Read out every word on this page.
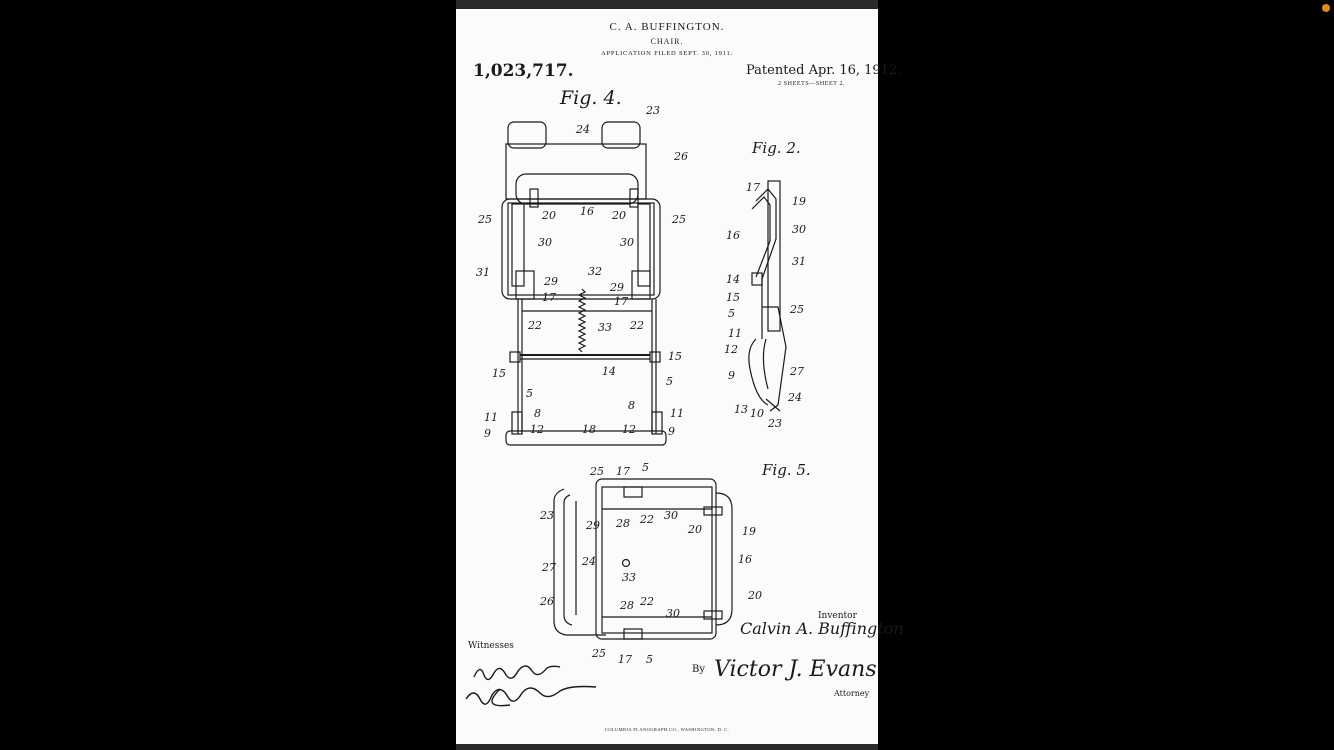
C. A. BUFFINGTON.
CHAIR.
APPLICATION FILED SEPT. 30, 1911.
1,023,717.	Patented Apr. 16, 1912.
2 SHEETS—SHEET 2.
23
24
26
25	20 16 20	25
30	30
31	32
29	29
17	17
22	33 22
15
15	14
5
5
11	8
8
11
9	12	18 12	9
17
19
16	30
31
14
15
5	25
11
12
27
9
24
13 10
23
25 17 5
23
29 28 22 30
20	19
24	16
27
33
26	28 22
30
20
25 17 5
Fig. 4.
Fig. 2.
Fig. 5.
Inventor
Calvin A. Buffington
Witnesses
By Victor J. Evans
Attorney
COLUMBIA PLANOGRAPH CO., WASHINGTON, D. C.
